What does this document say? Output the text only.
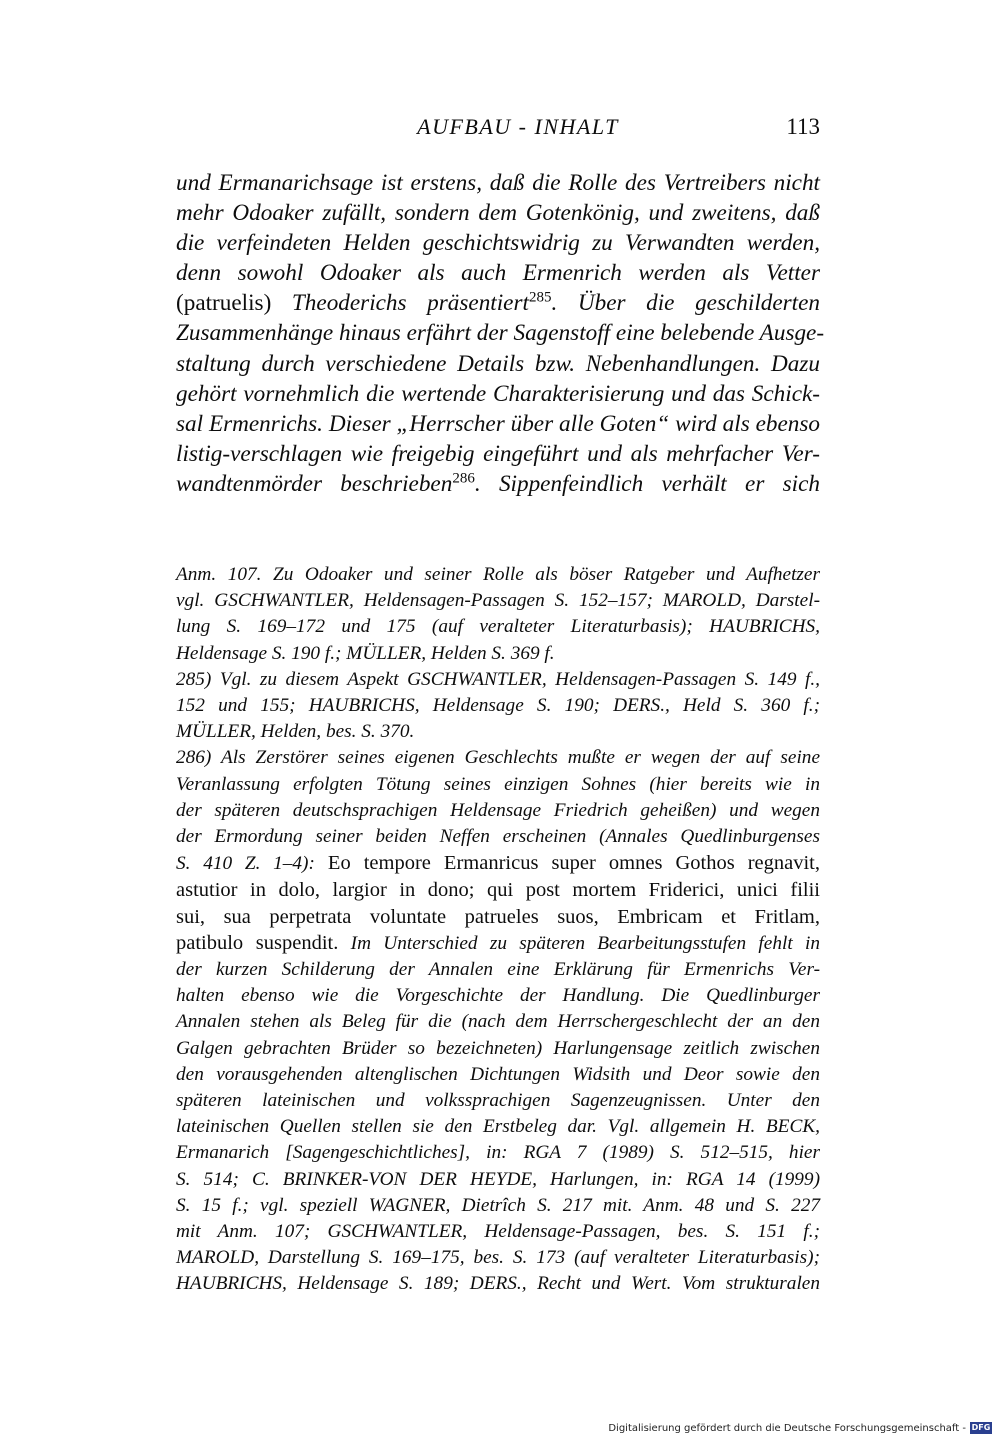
AUFBAU - INHALT	113
und Ermanarichsage ist erstens, daß die Rolle des Vertreibers nicht
mehr Odoaker zufällt, sondern dem Gotenkönig, und zweitens, daß
die verfeindeten Helden geschichtswidrig zu Verwandten werden,
denn sowohl Odoaker als auch Ermenrich werden als Vetter
(patruelis) Theoderichs präsentiert$^{285}$. Über die geschilderten
Zusammenhänge hinaus erfährt der Sagenstoff eine belebende Ausge-
staltung durch verschiedene Details bzw. Nebenhandlungen. Dazu
gehört vornehmlich die wertende Charakterisierung und das Schick-
sal Ermenrichs. Dieser „Herrscher über alle Goten“ wird als ebenso
listig-verschlagen wie freigebig eingeführt und als mehrfacher Ver-
wandtenmörder beschrieben$^{286}$. Sippenfeindlich verhält er sich
Anm. 107. Zu Odoaker und seiner Rolle als böser Ratgeber und Aufhetzer
vgl. GSCHWANTLER, Heldensagen-Passagen S. 152–157; MAROLD, Darstel-
lung S. 169–172 und 175 (auf veralteter Literaturbasis); HAUBRICHS,
Heldensage S. 190 f.; MÜLLER, Helden S. 369 f.
285) Vgl. zu diesem Aspekt GSCHWANTLER, Heldensagen-Passagen S. 149 f.,
152 und 155; HAUBRICHS, Heldensage S. 190; DERS., Held S. 360 f.;
MÜLLER, Helden, bes. S. 370.
286) Als Zerstörer seines eigenen Geschlechts mußte er wegen der auf seine
Veranlassung erfolgten Tötung seines einzigen Sohnes (hier bereits wie in
der späteren deutschsprachigen Heldensage Friedrich geheißen) und wegen
der Ermordung seiner beiden Neffen erscheinen (Annales Quedlinburgenses
S. 410 Z. 1–4): Eo tempore Ermanricus super omnes Gothos regnavit,
astutior in dolo, largior in dono; qui post mortem Friderici, unici filii
sui, sua perpetrata voluntate patrueles suos, Embricam et Fritlam,
patibulo suspendit. Im Unterschied zu späteren Bearbeitungsstufen fehlt in
der kurzen Schilderung der Annalen eine Erklärung für Ermenrichs Ver-
halten ebenso wie die Vorgeschichte der Handlung. Die Quedlinburger
Annalen stehen als Beleg für die (nach dem Herrschergeschlecht der an den
Galgen gebrachten Brüder so bezeichneten) Harlungensage zeitlich zwischen
den vorausgehenden altenglischen Dichtungen Widsith und Deor sowie den
späteren lateinischen und volkssprachigen Sagenzeugnissen. Unter den
lateinischen Quellen stellen sie den Erstbeleg dar. Vgl. allgemein H. BECK,
Ermanarich [Sagengeschichtliches], in: RGA 7 (1989) S. 512–515, hier
S. 514; C. BRINKER-VON DER HEYDE, Harlungen, in: RGA 14 (1999)
S. 15 f.; vgl. speziell WAGNER, Dietrîch S. 217 mit. Anm. 48 und S. 227
mit Anm. 107; GSCHWANTLER, Heldensage-Passagen, bes. S. 151 f.;
MAROLD, Darstellung S. 169–175, bes. S. 173 (auf veralteter Literaturbasis);
HAUBRICHS, Heldensage S. 189; DERS., Recht und Wert. Vom strukturalen
Digitalisierung gefördert durch die Deutsche Forschungsgemeinschaft - DFG
